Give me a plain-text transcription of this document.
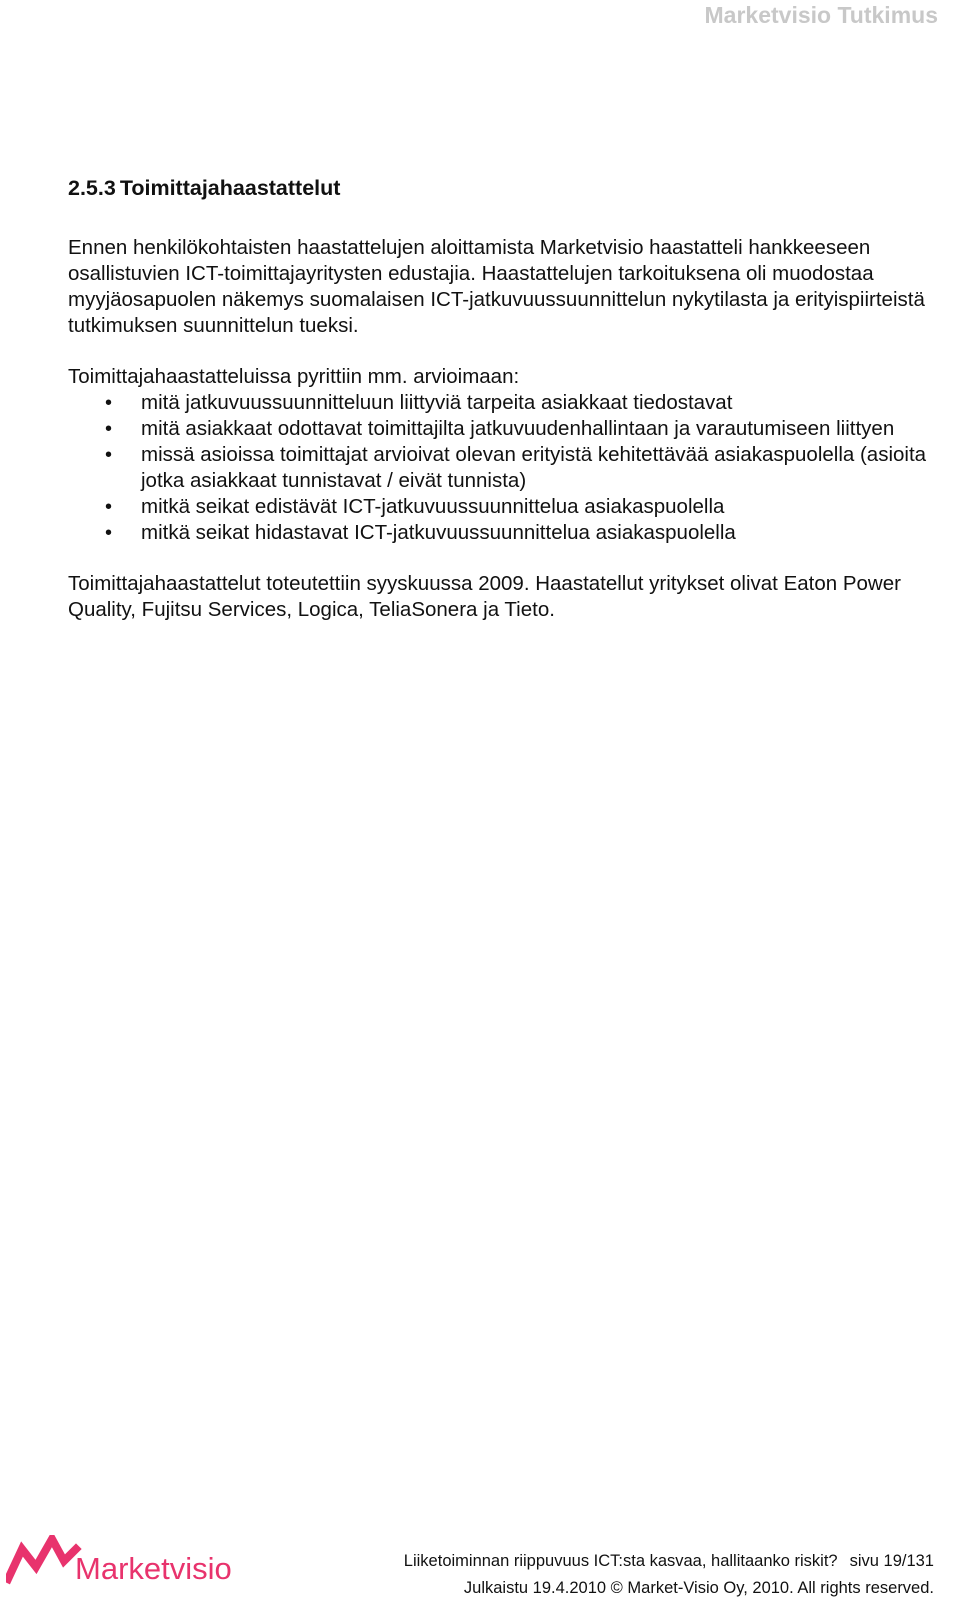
Marketvisio Tutkimus
2.5.3 Toimittajahaastattelut

Ennen henkilökohtaisten haastattelujen aloittamista Marketvisio haastatteli hankkeeseen osallistuvien ICT-toimittajayritysten edustajia. Haastattelujen tarkoituksena oli muodostaa myyjäosapuolen näkemys suomalaisen ICT-jatkuvuussuunnittelun nykytilasta ja erityispiirteistä tutkimuksen suunnittelun tueksi.

Toimittajahaastatteluissa pyrittiin mm. arvioimaan:

• mitä jatkuvuussuunnitteluun liittyviä tarpeita asiakkaat tiedostavat
• mitä asiakkaat odottavat toimittajilta jatkuvuudenhallintaan ja varautumiseen liittyen
• missä asioissa toimittajat arvioivat olevan erityistä kehitettävää asiakaspuolella (asioita jotka asiakkaat tunnistavat / eivät tunnista)
• mitkä seikat edistävät ICT-jatkuvuussuunnittelua asiakaspuolella
• mitkä seikat hidastavat ICT-jatkuvuussuunnittelua asiakaspuolella

Toimittajahaastattelut toteutettiin syyskuussa 2009. Haastatellut yritykset olivat Eaton Power Quality, Fujitsu Services, Logica, TeliaSonera ja Tieto.

Marketvisio	Liiketoiminnan riippuvuus ICT:sta kasvaa, hallitaanko riskit? sivu 19/131
Julkaistu 19.4.2010 © Market-Visio Oy, 2010. All rights reserved.
